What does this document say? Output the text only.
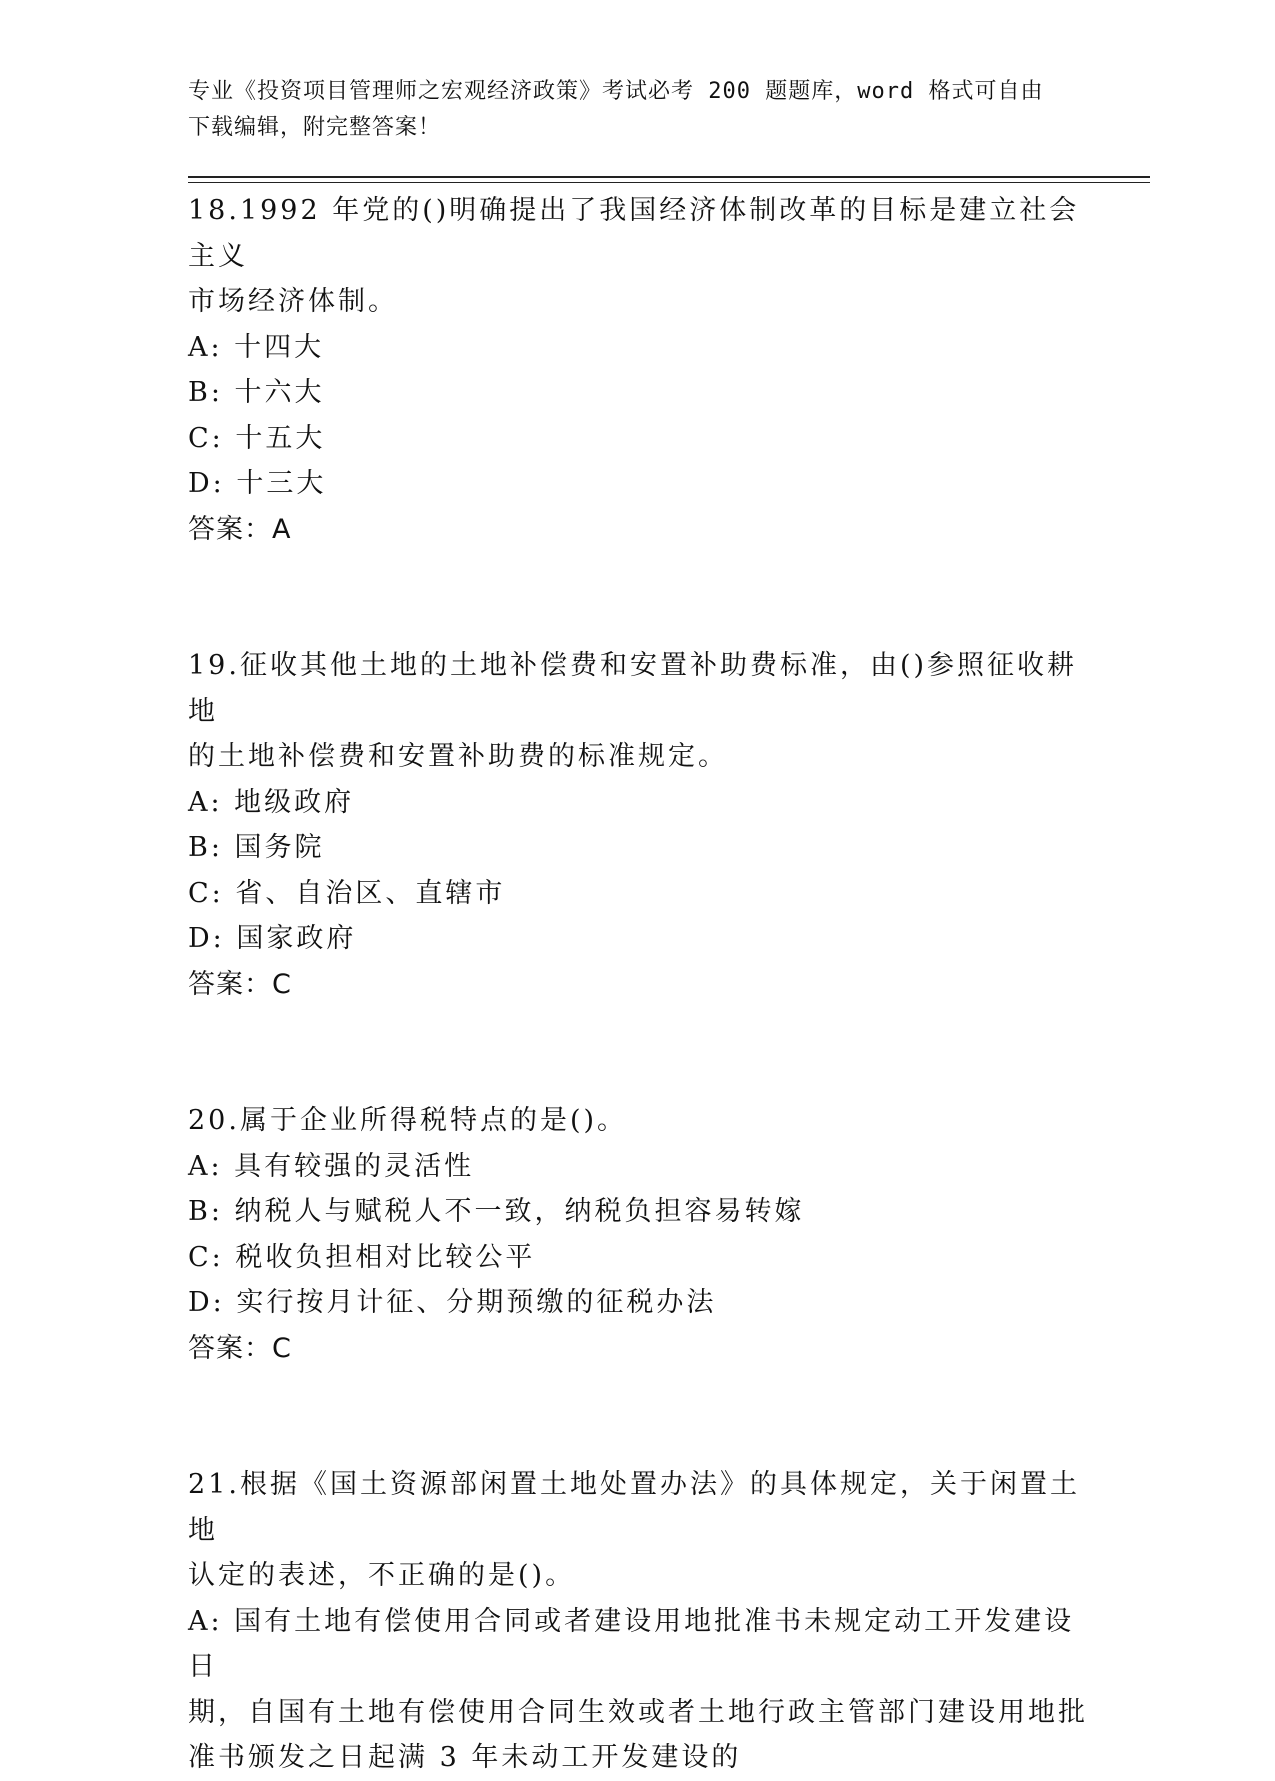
专业《投资项目管理师之宏观经济政策》考试必考 200 题题库，word 格式可自由
下载编辑，附完整答案！
18.1992 年党的()明确提出了我国经济体制改革的目标是建立社会主义
市场经济体制。
A: 十四大
B: 十六大
C: 十五大
D: 十三大
答案：A
19.征收其他土地的土地补偿费和安置补助费标准，由()参照征收耕地
的土地补偿费和安置补助费的标准规定。
A: 地级政府
B: 国务院
C: 省、自治区、直辖市
D: 国家政府
答案：C
20.属于企业所得税特点的是()。
A: 具有较强的灵活性
B: 纳税人与赋税人不一致，纳税负担容易转嫁
C: 税收负担相对比较公平
D: 实行按月计征、分期预缴的征税办法
答案：C
21.根据《国土资源部闲置土地处置办法》的具体规定，关于闲置土地
认定的表述，不正确的是()。
A: 国有土地有偿使用合同或者建设用地批准书未规定动工开发建设日
期，自国有土地有偿使用合同生效或者土地行政主管部门建设用地批
准书颁发之日起满 3 年未动工开发建设的
